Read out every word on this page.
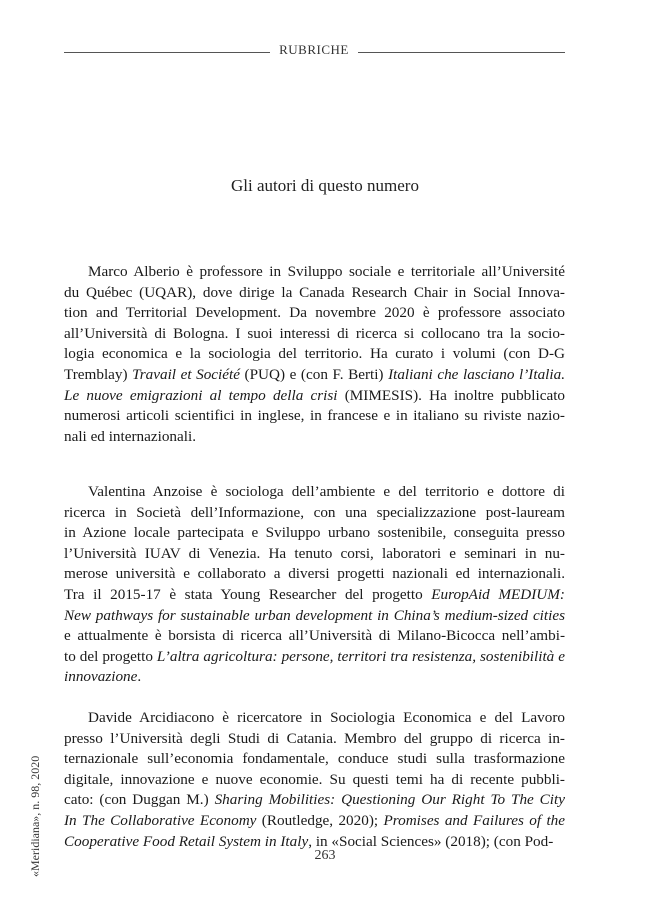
RUBRICHE
Gli autori di questo numero
Marco Alberio è professore in Sviluppo sociale e territoriale all’Université
du Québec (UQAR), dove dirige la Canada Research Chair in Social Innova-
tion and Territorial Development. Da novembre 2020 è professore associato
all’Università di Bologna. I suoi interessi di ricerca si collocano tra la socio-
logia economica e la sociologia del territorio. Ha curato i volumi (con D-G
Tremblay) Travail et Société (PUQ) e (con F. Berti) Italiani che lasciano l’Italia.
Le nuove emigrazioni al tempo della crisi (MIMESIS). Ha inoltre pubblicato
numerosi articoli scientifici in inglese, in francese e in italiano su riviste nazio-
nali ed internazionali.
Valentina Anzoise è sociologa dell’ambiente e del territorio e dottore di
ricerca in Società dell’Informazione, con una specializzazione post-lauream
in Azione locale partecipata e Sviluppo urbano sostenibile, conseguita presso
l’Università IUAV di Venezia. Ha tenuto corsi, laboratori e seminari in nu-
merose università e collaborato a diversi progetti nazionali ed internazionali.
Tra il 2015-17 è stata Young Researcher del progetto EuropAid MEDIUM:
New pathways for sustainable urban development in China’s medium-sized cities
e attualmente è borsista di ricerca all’Università di Milano-Bicocca nell’ambi-
to del progetto L’altra agricoltura: persone, territori tra resistenza, sostenibilità e
innovazione.
Davide Arcidiacono è ricercatore in Sociologia Economica e del Lavoro
presso l’Università degli Studi di Catania. Membro del gruppo di ricerca in-
ternazionale sull’economia fondamentale, conduce studi sulla trasformazione
digitale, innovazione e nuove economie. Su questi temi ha di recente pubbli-
cato: (con Duggan M.) Sharing Mobilities: Questioning Our Right To The City
In The Collaborative Economy (Routledge, 2020); Promises and Failures of the
Cooperative Food Retail System in Italy, in «Social Sciences» (2018); (con Pod-
«Meridiana», n. 98, 2020	263
